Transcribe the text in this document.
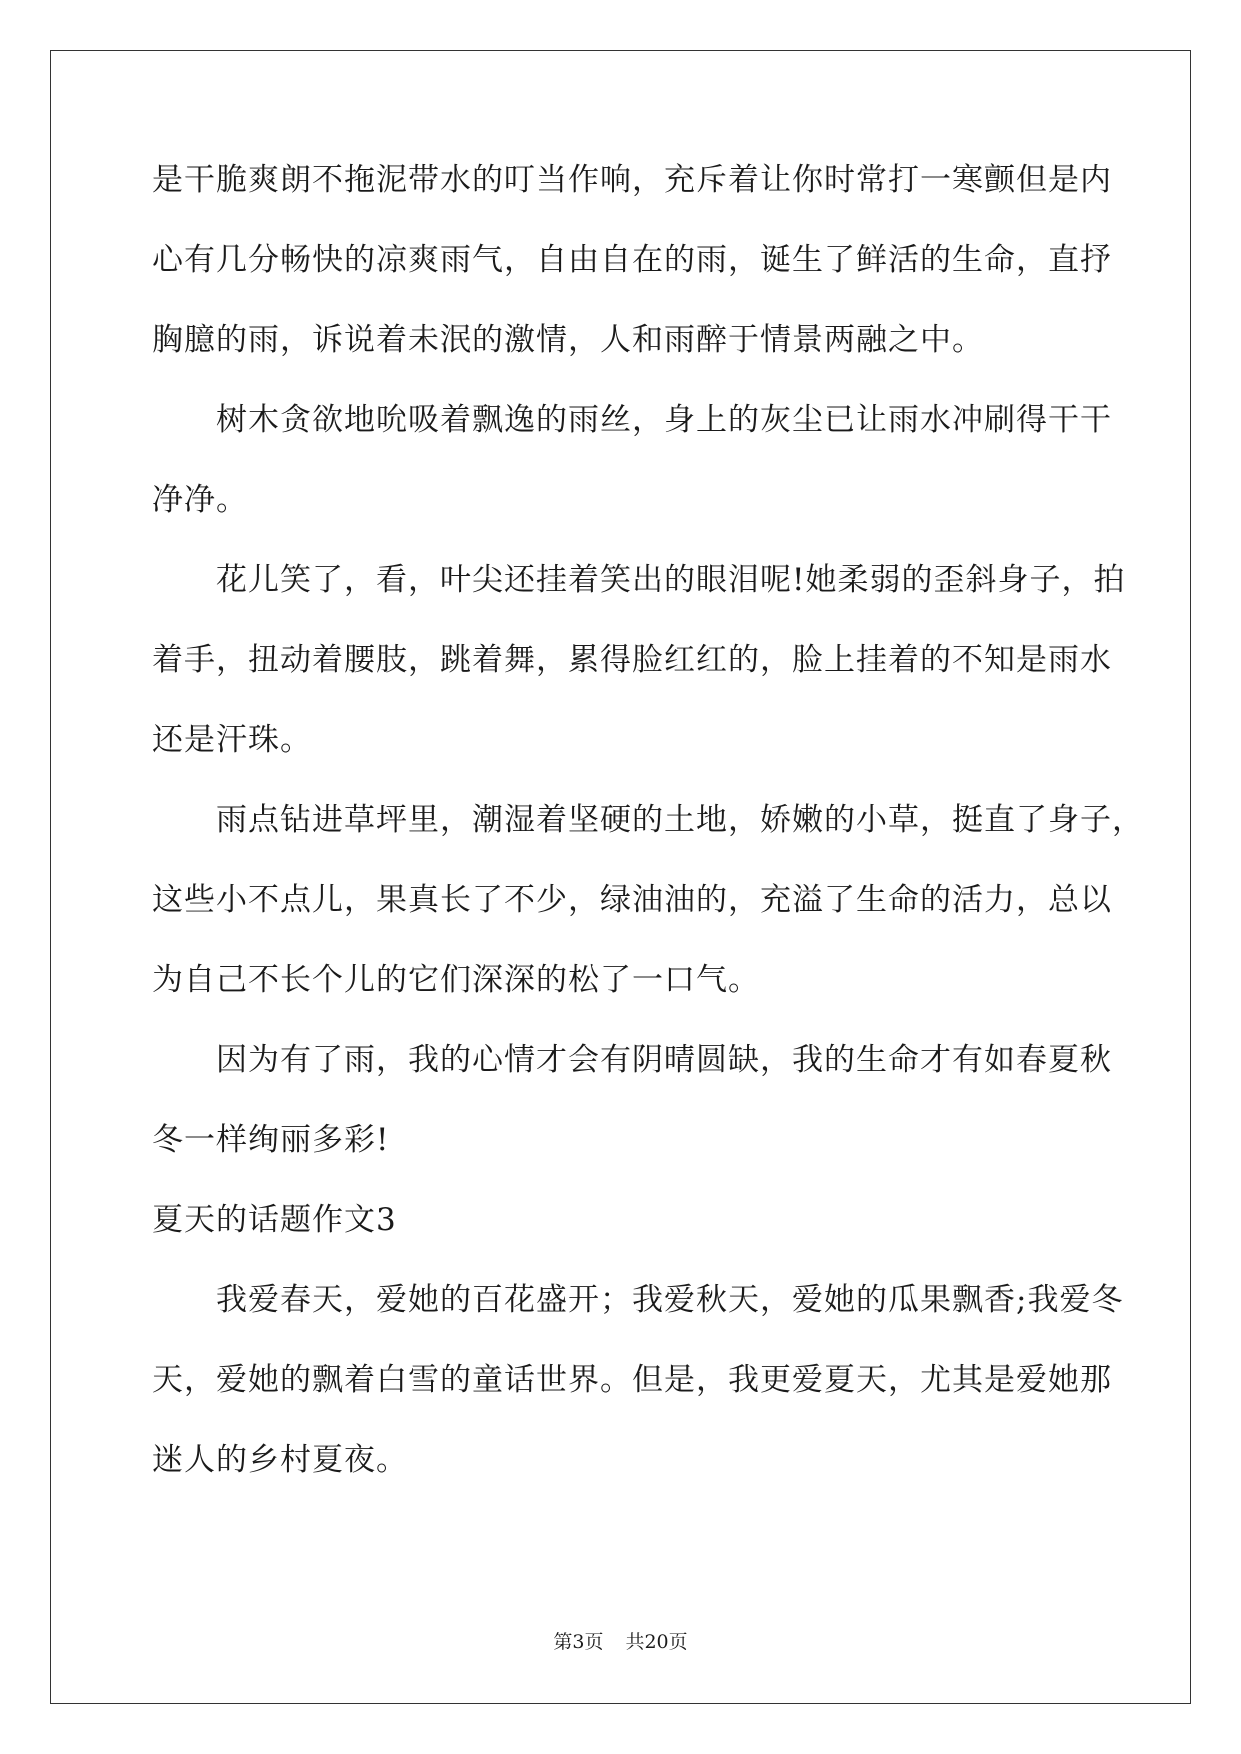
是干脆爽朗不拖泥带水的叮当作响，充斥着让你时常打一寒颤但是内
心有几分畅快的凉爽雨气，自由自在的雨，诞生了鲜活的生命，直抒
胸臆的雨，诉说着未泯的激情，人和雨醉于情景两融之中。
树木贪欲地吮吸着飘逸的雨丝，身上的灰尘已让雨水冲刷得干干
净净。
花儿笑了，看，叶尖还挂着笑出的眼泪呢!她柔弱的歪斜身子，拍
着手，扭动着腰肢，跳着舞，累得脸红红的，脸上挂着的不知是雨水
还是汗珠。
雨点钻进草坪里，潮湿着坚硬的土地，娇嫩的小草，挺直了身子，
这些小不点儿，果真长了不少，绿油油的，充溢了生命的活力，总以
为自己不长个儿的它们深深的松了一口气。
因为有了雨，我的心情才会有阴晴圆缺，我的生命才有如春夏秋
冬一样绚丽多彩!
夏天的话题作文3
我爱春天，爱她的百花盛开；我爱秋天，爱她的瓜果飘香;我爱冬
天，爱她的飘着白雪的童话世界。但是，我更爱夏天，尤其是爱她那
迷人的乡村夏夜。
第3页 共20页
